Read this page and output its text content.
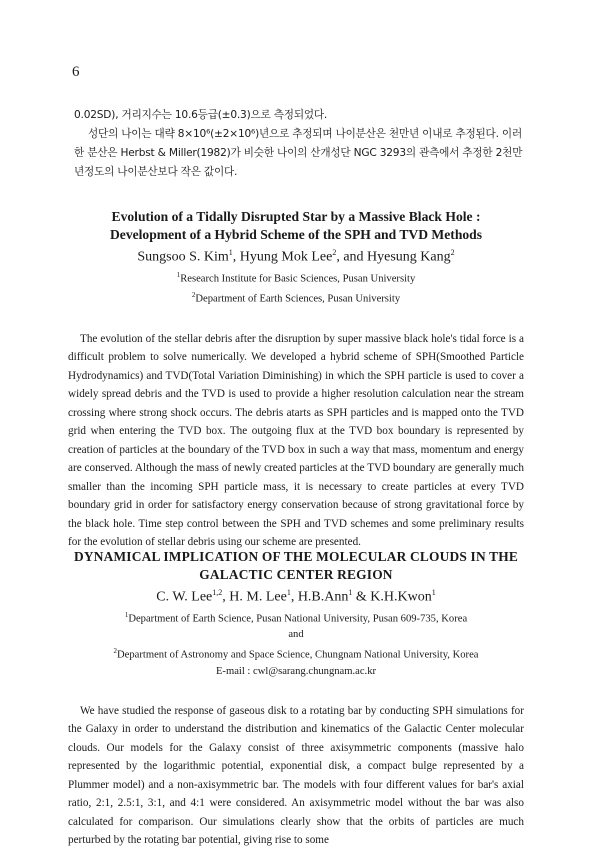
6

0.02SD), 거리지수는 10.6등급(±0.3)으로 측정되었다.

성단의 나이는 대략 8×10⁶(±2×10⁶)년으로 추정되며 나이분산은 천만년 이내로 추정된다. 이러

한 분산은 Herbst & Miller(1982)가 비슷한 나이의 산개성단 NGC 3293의 관측에서 추정한 2천만

년정도의 나이분산보다 작은 값이다.

Evolution of a Tidally Disrupted Star by a Massive Black Hole :
Development of a Hybrid Scheme of the SPH and TVD Methods

Sungsoo S. Kim$^1$, Hyung Mok Lee$^2$, and Hyesung Kang$^2$

$^1$Research Institute for Basic Sciences, Pusan University

$^2$Department of Earth Sciences, Pusan University

The evolution of the stellar debris after the disruption by super massive black hole's tidal force is a difficult problem to solve numerically. We developed a hybrid scheme of SPH(Smoothed Particle Hydrodynamics) and TVD(Total Variation Diminishing) in which the SPH particle is used to cover a widely spread debris and the TVD is used to provide a higher resolution calculation near the stream crossing where strong shock occurs. The debris atarts as SPH particles and is mapped onto the TVD grid when entering the TVD box. The outgoing flux at the TVD box boundary is represented by creation of particles at the boundary of the TVD box in such a way that mass, momentum and energy are conserved. Although the mass of newly created particles at the TVD boundary are generally much smaller than the incoming SPH particle mass, it is necessary to create particles at every TVD boundary grid in order for satisfactory energy conservation because of strong gravitational force by the black hole. Time step control between the SPH and TVD schemes and some preliminary results for the evolution of stellar debris using our scheme are presented.

DYNAMICAL IMPLICATION OF THE MOLECULAR CLOUDS IN THE
GALACTIC CENTER REGION

C. W. Lee$^{1,2}$, H. M. Lee$^1$, H.B.Ann$^1$ & K.H.Kwon$^1$

$^1$Department of Earth Science, Pusan National University, Pusan 609-735, Korea

and

$^2$Department of Astronomy and Space Science, Chungnam National University, Korea

E-mail : cwl@sarang.chungnam.ac.kr

We have studied the response of gaseous disk to a rotating bar by conducting SPH simulations for the Galaxy in order to understand the distribution and kinematics of the Galactic Center molecular clouds. Our models for the Galaxy consist of three axisymmetric components (massive halo represented by the logarithmic potential, exponential disk, a compact bulge represented by a Plummer model) and a non-axisymmetric bar. The models with four different values for bar's axial ratio, 2:1, 2.5:1, 3:1, and 4:1 were considered. An axisymmetric model without the bar was also calculated for comparison. Our simulations clearly show that the orbits of particles are much perturbed by the rotating bar potential, giving rise to some
